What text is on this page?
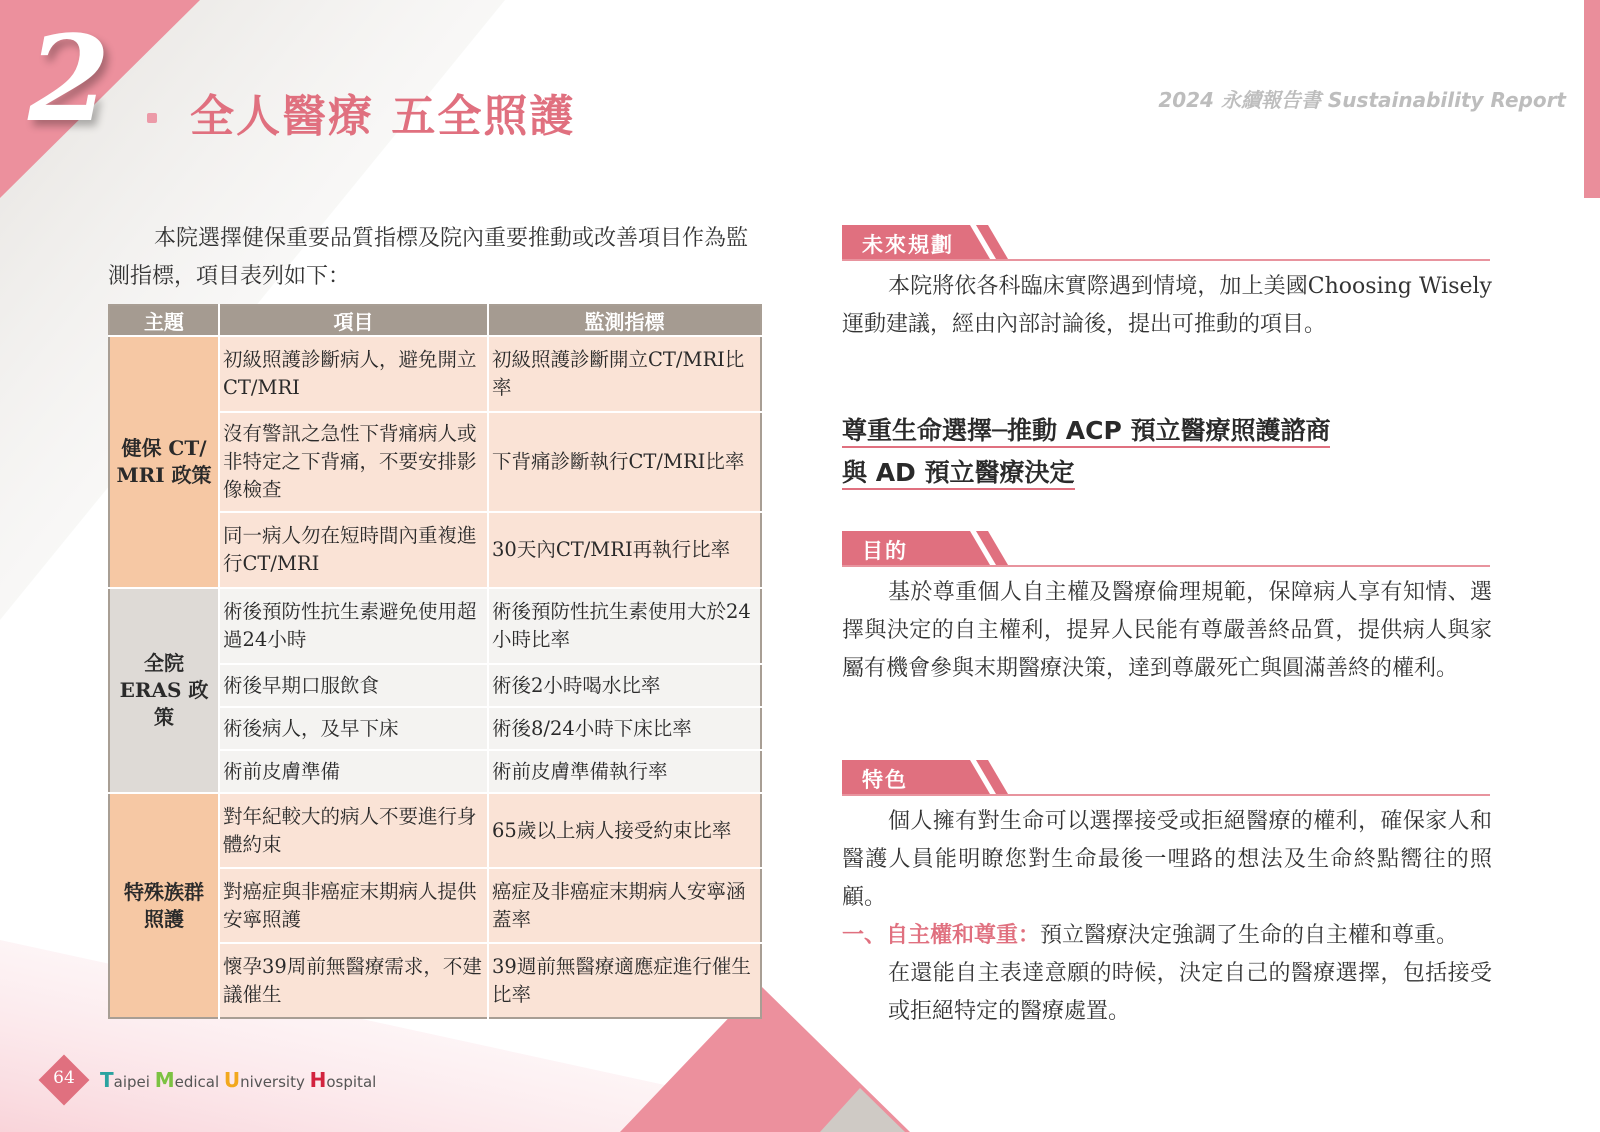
2 全人醫療 五全照護	2024 永續報告書 Sustainability Report

本院選擇健保重要品質指標及院內重要推動或改善項目作為監測指標，項目表列如下：

主題	項目	監測指標
健保 CT/ MRI 政策	初級照護診斷病人，避免開立CT/MRI	初級照護診斷開立CT/MRI比率
	沒有警訊之急性下背痛病人或非特定之下背痛，不要安排影像檢查	下背痛診斷執行CT/MRI比率
	同一病人勿在短時間內重複進行CT/MRI	30天內CT/MRI再執行比率
全院 ERAS 政策	術後預防性抗生素避免使用超過24小時	術後預防性抗生素使用大於24小時比率
	術後早期口服飲食	術後2小時喝水比率
	術後病人，及早下床	術後8/24小時下床比率
	術前皮膚準備	術前皮膚準備執行率
特殊族群 照護	對年紀較大的病人不要進行身體約束	65歲以上病人接受約束比率
	對癌症與非癌症末期病人提供安寧照護	癌症及非癌症末期病人安寧涵蓋率
	懷孕39周前無醫療需求，不建議催生	39週前無醫療適應症進行催生比率
未來規劃

本院將依各科臨床實際遇到情境，加上美國Choosing Wisely運動建議，經由內部討論後，提出可推動的項目。

尊重生命選擇─推動 ACP 預立醫療照護諮商
與 AD 預立醫療決定
目的

基於尊重個人自主權及醫療倫理規範，保障病人享有知情、選擇與決定的自主權利，提昇人民能有尊嚴善終品質，提供病人與家屬有機會參與末期醫療決策，達到尊嚴死亡與圓滿善終的權利。

特色

個人擁有對生命可以選擇接受或拒絕醫療的權利，確保家人和醫護人員能明瞭您對生命最後一哩路的想法及生命終點嚮往的照顧。

一、自主權和尊重：預立醫療決定強調了生命的自主權和尊重。

在還能自主表達意願的時候，決定自己的醫療選擇，包括接受或拒絕特定的醫療處置。

64	Taipei Medical University Hospital
